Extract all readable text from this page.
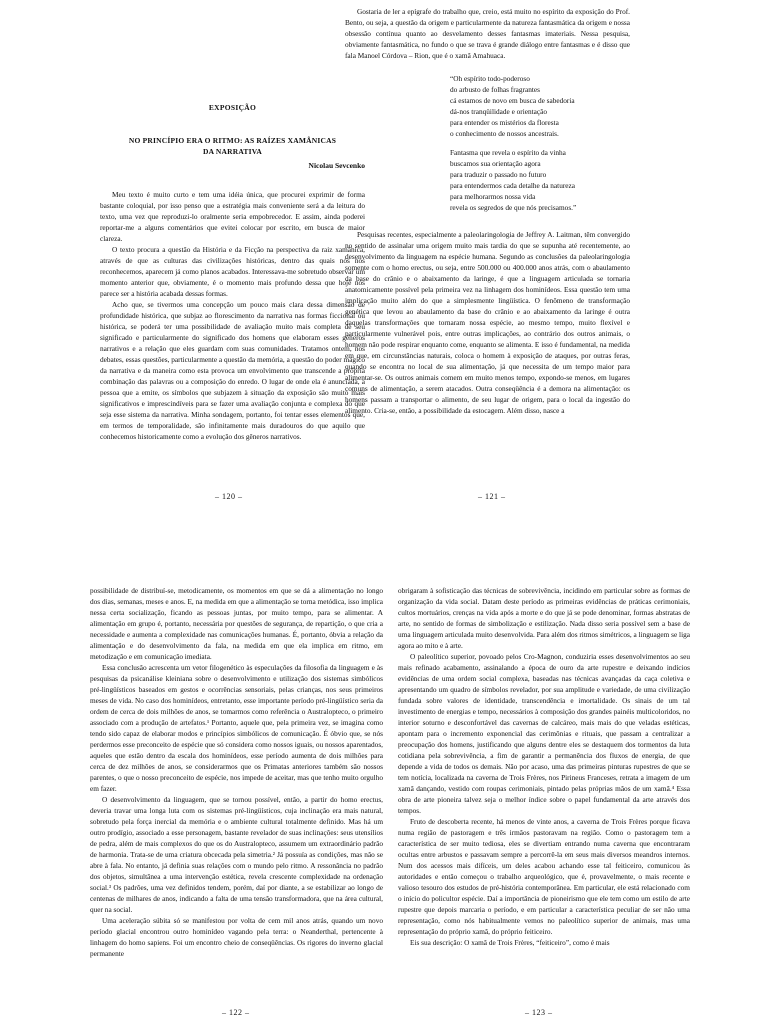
EXPOSIÇÃO
NO PRINCÍPIO ERA O RITMO: AS RAÍZES XAMÂNICAS
DA NARRATIVA
Nicolau Sevcenko

Meu texto é muito curto e tem uma idéia única, que procurei exprimir de forma bastante coloquial, por isso penso que a estratégia mais conveniente será a da leitura do texto, uma vez que reproduzi-lo oralmente seria empobrecedor. E assim, ainda poderei reportar-me a alguns comentários que evitei colocar por escrito, em busca de maior clareza.

O texto procura a questão da História e da Ficção na perspectiva da raiz xamânica, através de que as culturas das civilizações históricas, dentro das quais nós nos reconhecemos, aparecem já como planos acabados. Interessava-me sobretudo observar um momento anterior que, obviamente, é o momento mais profundo dessa que hoje nos parece ser a história acabada dessas formas.

Acho que, se tivermos uma concepção um pouco mais clara dessa dimensão de profundidade histórica, que subjaz ao florescimento da narrativa nas formas ficcional ou histórica, se poderá ter uma possibilidade de avaliação muito mais completa de seu significado e particularmente do significado dos homens que elaboram esses gêneros narrativos e a relação que eles guardam com suas comunidades. Tratamos ontem, nos debates, essas questões, particularmente a questão da memória, a questão do poder mágico da narrativa e da maneira como esta provoca um envolvimento que transcende a própria combinação das palavras ou a composição do enredo. O lugar de onde ela é anunciada, a pessoa que a emite, os símbolos que subjazem à situação da exposição são muito mais significativos e imprescindíveis para se fazer uma avaliação conjunta e complexa do que seja esse sistema da narrativa. Minha sondagem, portanto, foi tentar esses elementos que, em termos de temporalidade, são infinitamente mais duradouros do que aquilo que conhecemos historicamente como a evolução dos gêneros narrativos.

– 120 –

Gostaria de ler a epígrafe do trabalho que, creio, está muito no espírito da exposição do Prof. Bento, ou seja, a questão da origem e particularmente da natureza fantasmática da origem e nossa obsessão contínua quanto ao desvelamento desses fantasmas imateriais. Nessa pesquisa, obviamente fantasmática, no fundo o que se trava é grande diálogo entre fantasmas e é disso que fala Manoel Córdova – Rion, que é o xamã Amahuaca.

“Oh espírito todo-poderoso
do arbusto de folhas fragrantes
cá estamos de novo em busca de sabedoria
dá-nos tranqüilidade e orientação
para entender os mistérios da floresta
o conhecimento de nossos ancestrais.
Fantasma que revela o espírito da vinha
buscamos sua orientação agora
para traduzir o passado no futuro
para entendermos cada detalhe da natureza
para melhorarmos nossa vida
revela os segredos de que nós precisamos.”

Pesquisas recentes, especialmente a paleolaringologia de Jeffrey A. Laitman, têm convergido no sentido de assinalar uma origem muito mais tardia do que se supunha até recentemente, ao desenvolvimento da linguagem na espécie humana. Segundo as conclusões da paleolaringologia somente com o homo erectus, ou seja, entre 500.000 ou 400.000 anos atrás, com o abaulamento da base do crânio e o abaixamento da laringe, é que a linguagem articulada se tornaria anatomicamente possível pela primeira vez na linhagem dos hominídeos. Essa questão tem uma implicação muito além do que a simplesmente lingüística. O fenômeno de transformação genética que levou ao abaulamento da base do crânio e ao abaixamento da laringe é outra daquelas transformações que tornaram nossa espécie, ao mesmo tempo, muito flexível e particularmente vulnerável pois, entre outras implicações, ao contrário dos outros animais, o homem não pode respirar enquanto come, enquanto se alimenta. E isso é fundamental, na medida em que, em circunstâncias naturais, coloca o homem à exposição de ataques, por outras feras, quando se encontra no local de sua alimentação, já que necessita de um tempo maior para alimentar-se. Os outros animais comem em muito menos tempo, expondo-se menos, em lugares comuns de alimentação, a serem atacados. Outra conseqüência é a demora na alimentação: os homens passam a transportar o alimento, de seu lugar de origem, para o local da ingestão do alimento. Cria-se, então, a possibilidade da estocagem. Além disso, nasce a

– 121 –

possibilidade de distribuí-se, metodicamente, os momentos em que se dá a alimentação no longo dos dias, semanas, meses e anos. E, na medida em que a alimentação se torna metódica, isso implica nessa certa socialização, ficando as pessoas juntas, por muito tempo, para se alimentar. A alimentação em grupo é, portanto, necessária por questões de segurança, de repartição, o que cria a necessidade e aumenta a complexidade nas comunicações humanas. É, portanto, óbvia a relação da alimentação e do desenvolvimento da fala, na medida em que ela implica em ritmo, em metodização e em comunicação imediata.

Essa conclusão acrescenta um vetor filogenético às especulações da filosofia da linguagem e às pesquisas da psicanálise kleiniana sobre o desenvolvimento e utilização dos sistemas simbólicos pré-lingüísticos baseados em gestos e ocorrências sensoriais, pelas crianças, nos seus primeiros meses de vida. No caso dos hominídeos, entretanto, esse importante período pré-lingüístico seria da ordem de cerca de dois milhões de anos, se tomarmos como referência o Australopteco, o primeiro associado com a produção de artefatos.¹ Portanto, aquele que, pela primeira vez, se imagina como tendo sido capaz de elaborar modos e princípios simbólicos de comunicação. É óbvio que, se nós perdermos esse preconceito de espécie que só considera como nossos iguais, ou nossos aparentados, aqueles que estão dentro da escala dos hominídeos, esse período aumenta de dois milhões para cerca de dez milhões de anos, se considerarmos que os Primatas anteriores também são nossos parentes, o que o nosso preconceito de espécie, nos impede de aceitar, mas que tenho muito orgulho em fazer.

O desenvolvimento da linguagem, que se tornou possível, então, a partir do homo erectus, deveria travar uma longa luta com os sistemas pré-lingüísticos, cuja inclinação era mais natural, sobretudo pela força inercial da memória e o ambiente cultural totalmente definido. Mas há um outro prodígio, associado a esse personagem, bastante revelador de suas inclinações: seus utensílios de pedra, além de mais complexos do que os do Australopteco, assumem um extraordinário padrão de harmonia. Trata-se de uma criatura obcecada pela simetria.² Já possuía as condições, mas não se abre à fala. No entanto, já definia suas relações com o mundo pelo ritmo. A ressonância no padrão dos objetos, simultânea a uma intervenção estética, revela crescente complexidade na ordenação social.³ Os padrões, uma vez definidos tendem, porém, daí por diante, a se estabilizar ao longo de centenas de milhares de anos, indicando a falta de uma tensão transformadora, que na área cultural, quer na social.

Uma aceleração súbita só se manifestou por volta de cem mil anos atrás, quando um novo período glacial encontrou outro hominídeo vagando pela terra: o Neanderthal, pertencente à linhagem do homo sapiens. Foi um encontro cheio de conseqüências. Os rigores do inverno glacial permanente

– 122 –

obrigaram à sofisticação das técnicas de sobrevivência, incidindo em particular sobre as formas de organização da vida social. Datam deste período as primeiras evidências de práticas cerimoniais, cultos mortuários, crenças na vida após a morte e do que já se pode denominar, formas abstratas de arte, no sentido de formas de simbolização e estilização. Nada disso seria possível sem a base de uma linguagem articulada muito desenvolvida. Para além dos ritmos simétricos, a linguagem se liga agora ao mito e à arte.

O paleolítico superior, povoado pelos Cro-Magnon, conduziria esses desenvolvimentos ao seu mais refinado acabamento, assinalando a época de ouro da arte rupestre e deixando indícios evidências de uma ordem social complexa, baseadas nas técnicas avançadas da caça coletiva e apresentando um quadro de símbolos revelador, por sua amplitude e variedade, de uma civilização fundada sobre valores de identidade, transcendência e imortalidade. Os sinais de um tal investimento de energias e tempo, necessários à composição dos grandes painéis multicoloridos, no interior soturno e desconfortável das cavernas de calcáreo, mais mais do que veladas estéticas, apontam para o incremento exponencial das cerimônias e rituais, que passam a centralizar a preocupação dos homens, justificando que alguns dentre eles se destaquem dos tormentos da luta cotidiana pela sobrevivência, a fim de garantir a permanência dos fluxos de energia, de que depende a vida de todos os demais. Não por acaso, uma das primeiras pinturas rupestres de que se tem notícia, localizada na caverna de Trois Frères, nos Pirineus Franceses, retrata a imagem de um xamã dançando, vestido com roupas cerimoniais, pintado pelas próprias mãos de um xamã.⁴ Essa obra de arte pioneira talvez seja o melhor índice sobre o papel fundamental da arte através dos tempos.

Fruto de descoberta recente, há menos de vinte anos, a caverna de Trois Frères porque ficava numa região de pastoragem e três irmãos pastoravam na região. Como o pastoragem tem a característica de ser muito tediosa, eles se divertiam entrando numa caverna que encontraram ocultas entre arbustos e passavam sempre a percorrê-la em seus mais diversos meandros internos. Num dos acessos mais difíceis, um deles acabou achando esse tal feiticeiro, comunicou às autoridades e então começou o trabalho arqueológico, que é, provavelmente, o mais recente e valioso tesouro dos estudos de pré-história contemporânea. Em particular, ele está relacionado com o início do policultor espécie. Daí a importância de pioneirismo que ele tem como um estilo de arte rupestre que depois marcaria o período, e em particular a característica peculiar de ser não uma representação, como nós habitualmente vemos no paleolítico superior de animais, mas uma representação do próprio xamã, do próprio feiticeiro.

Eis sua descrição: O xamã de Trois Frères, “feiticeiro”, como é mais

– 123 –
